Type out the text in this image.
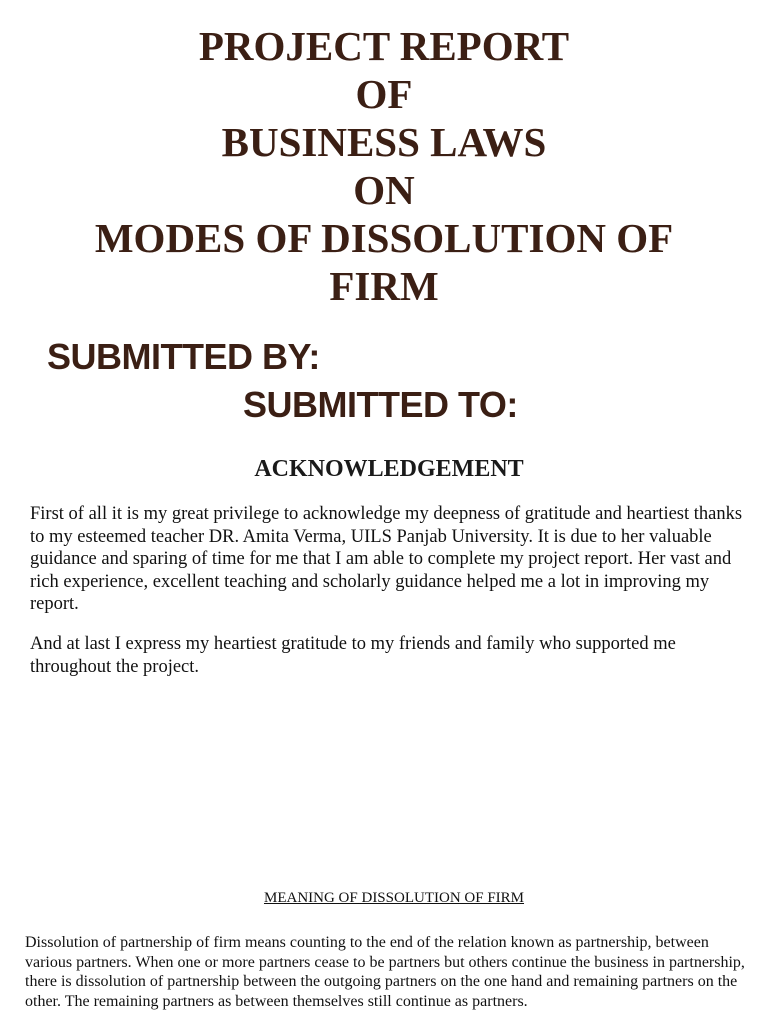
PROJECT REPORT
OF
BUSINESS LAWS
ON
MODES OF DISSOLUTION OF
FIRM
SUBMITTED BY:
SUBMITTED TO:
ACKNOWLEDGEMENT

First of all it is my great privilege to acknowledge my deepness of gratitude and heartiest thanks to my esteemed teacher DR. Amita Verma, UILS Panjab University. It is due to her valuable guidance and sparing of time for me that I am able to complete my project report. Her vast and rich experience, excellent teaching and scholarly guidance helped me a lot in improving my report.

And at last I express my heartiest gratitude to my friends and family who supported me throughout the project.

MEANING OF DISSOLUTION OF FIRM

Dissolution of partnership of firm means counting to the end of the relation known as partnership, between various partners. When one or more partners cease to be partners but others continue the business in partnership, there is dissolution of partnership between the outgoing partners on the one hand and remaining partners on the other. The remaining partners as between themselves still continue as partners.
